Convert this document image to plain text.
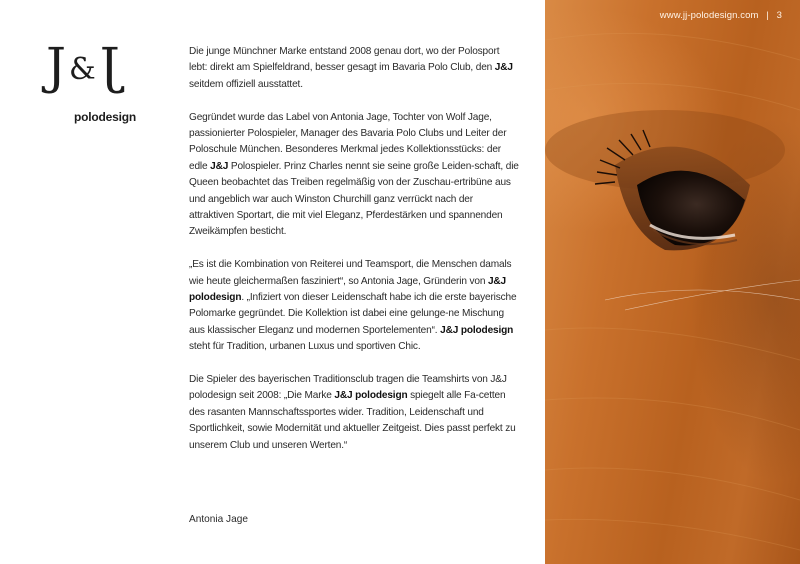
J&J
polodesign

Die junge Münchner Marke entstand 2008 genau dort, wo der Polosport lebt: direkt am Spielfeldrand, besser gesagt im Bavaria Polo Club, den J&J seitdem offiziell ausstattet.

Gegründet wurde das Label von Antonia Jage, Tochter von Wolf Jage, passionierter Polospieler, Manager des Bavaria Polo Clubs und Leiter der Poloschule München. Besonderes Merkmal jedes Kollektionsstücks: der edle J&J Polospieler. Prinz Charles nennt sie seine große Leiden-schaft, die Queen beobachtet das Treiben regelmäßig von der Zuschau-ertribüne aus und angeblich war auch Winston Churchill ganz verrückt nach der attraktiven Sportart, die mit viel Eleganz, Pferdestärken und spannenden Zweikämpfen besticht.

„Es ist die Kombination von Reiterei und Teamsport, die Menschen damals wie heute gleichermaßen fasziniert“, so Antonia Jage, Gründerin von J&J polodesign. „Infiziert von dieser Leidenschaft habe ich die erste bayerische Polomarke gegründet. Die Kollektion ist dabei eine gelunge-ne Mischung aus klassischer Eleganz und modernen Sportelementen“. J&J polodesign steht für Tradition, urbanen Luxus und sportiven Chic.

Die Spieler des bayerischen Traditionsclub tragen die Teamshirts von J&J polodesign seit 2008: „Die Marke J&J polodesign spiegelt alle Fa-cetten des rasanten Mannschaftssportes wider. Tradition, Leidenschaft und Sportlichkeit, sowie Modernität und aktueller Zeitgeist. Dies passt perfekt zu unserem Club und unseren Werten.“

Antonia Jage
www.jj-polodesign.com | 3
